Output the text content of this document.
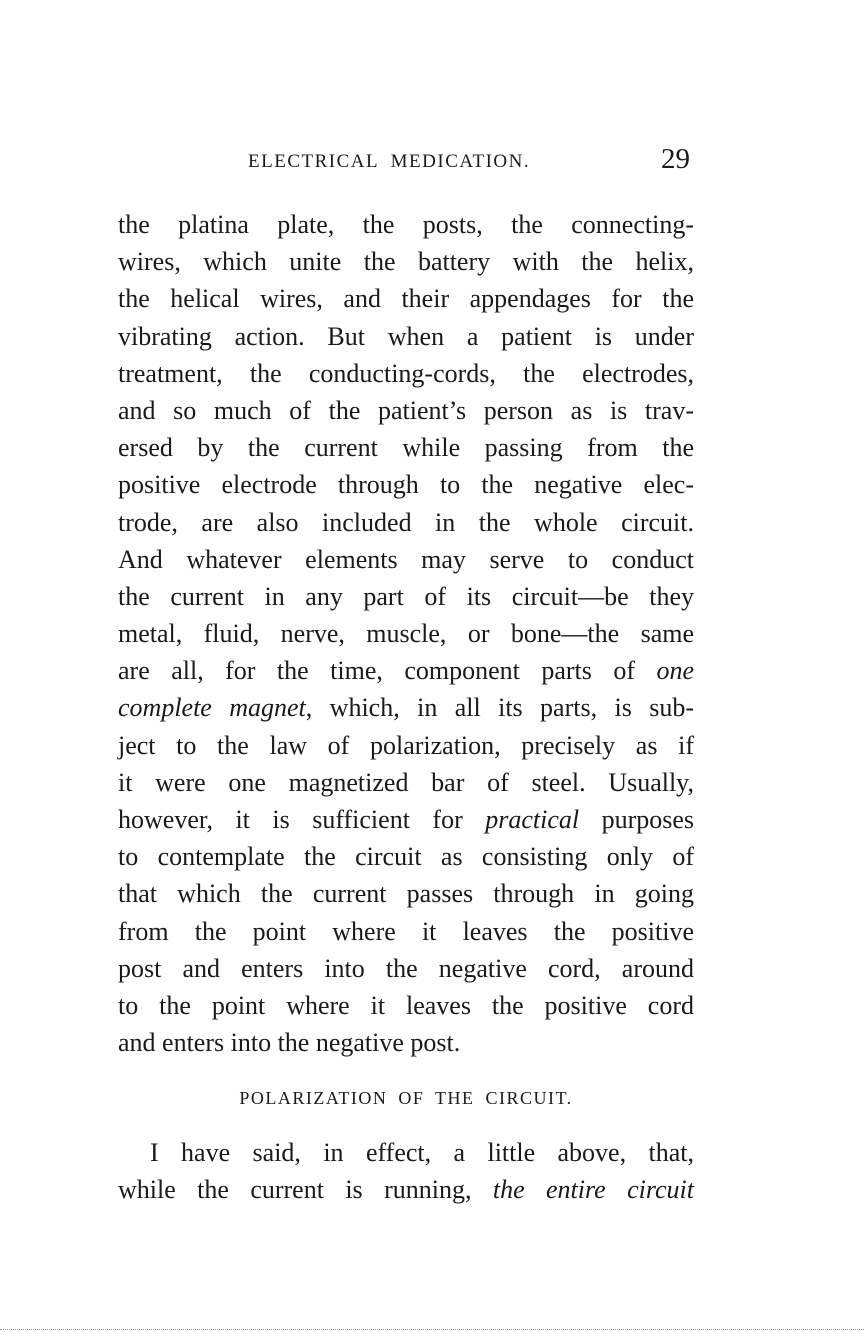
ELECTRICAL MEDICATION.	29
the platina plate, the posts, the connecting-
wires, which unite the battery with the helix,
the helical wires, and their appendages for the
vibrating action. But when a patient is under
treatment, the conducting-cords, the electrodes,
and so much of the patient’s person as is trav-
ersed by the current while passing from the
positive electrode through to the negative elec-
trode, are also included in the whole circuit.
And whatever elements may serve to conduct
the current in any part of its circuit—be they
metal, fluid, nerve, muscle, or bone—the same
are all, for the time, component parts of one
complete magnet, which, in all its parts, is sub-
ject to the law of polarization, precisely as if
it were one magnetized bar of steel. Usually,
however, it is sufficient for practical purposes
to contemplate the circuit as consisting only of
that which the current passes through in going
from the point where it leaves the positive
post and enters into the negative cord, around
to the point where it leaves the positive cord
and enters into the negative post.
POLARIZATION OF THE CIRCUIT.
I have said, in effect, a little above, that,
while the current is running, the entire circuit
